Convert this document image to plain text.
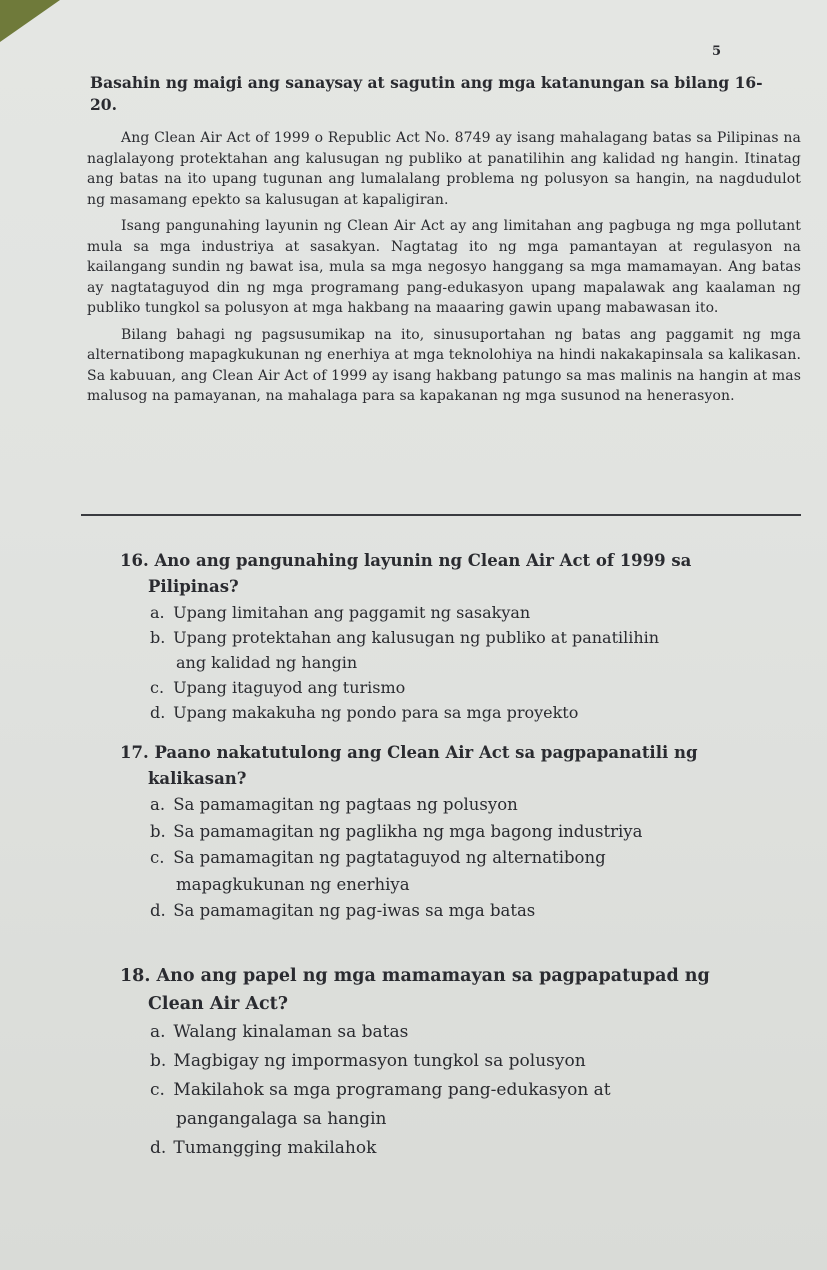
5
Basahin ng maigi ang sanaysay at sagutin ang mga katanungan sa bilang 16-20.

Ang Clean Air Act of 1999 o Republic Act No. 8749 ay isang mahalagang batas sa Pilipinas na naglalayong protektahan ang kalusugan ng publiko at panatilihin ang kalidad ng hangin. Itinatag ang batas na ito upang tugunan ang lumalalang problema ng polusyon sa hangin, na nagdudulot ng masamang epekto sa kalusugan at kapaligiran.

Isang pangunahing layunin ng Clean Air Act ay ang limitahan ang pagbuga ng mga pollutant mula sa mga industriya at sasakyan. Nagtatag ito ng mga pamantayan at regulasyon na kailangang sundin ng bawat isa, mula sa mga negosyo hanggang sa mga mamamayan. Ang batas ay nagtataguyod din ng mga programang pang-edukasyon upang mapalawak ang kaalaman ng publiko tungkol sa polusyon at mga hakbang na maaaring gawin upang mabawasan ito.

Bilang bahagi ng pagsusumikap na ito, sinusuportahan ng batas ang paggamit ng mga alternatibong mapagkukunan ng enerhiya at mga teknolohiya na hindi nakakapinsala sa kalikasan. Sa kabuuan, ang Clean Air Act of 1999 ay isang hakbang patungo sa mas malinis na hangin at mas malusog na pamayanan, na mahalaga para sa kapakanan ng mga susunod na henerasyon.

16. Ano ang pangunahing layunin ng Clean Air Act of 1999 sa
Pilipinas?
a. Upang limitahan ang paggamit ng sasakyan
b. Upang protektahan ang kalusugan ng publiko at panatilihin
ang kalidad ng hangin
c. Upang itaguyod ang turismo
d. Upang makakuha ng pondo para sa mga proyekto
17. Paano nakatutulong ang Clean Air Act sa pagpapanatili ng
kalikasan?
a. Sa pamamagitan ng pagtaas ng polusyon
b. Sa pamamagitan ng paglikha ng mga bagong industriya
c. Sa pamamagitan ng pagtataguyod ng alternatibong
mapagkukunan ng enerhiya
d. Sa pamamagitan ng pag-iwas sa mga batas
18. Ano ang papel ng mga mamamayan sa pagpapatupad ng
Clean Air Act?
a. Walang kinalaman sa batas
b. Magbigay ng impormasyon tungkol sa polusyon
c. Makilahok sa mga programang pang-edukasyon at
pangangalaga sa hangin
d. Tumangging makilahok
